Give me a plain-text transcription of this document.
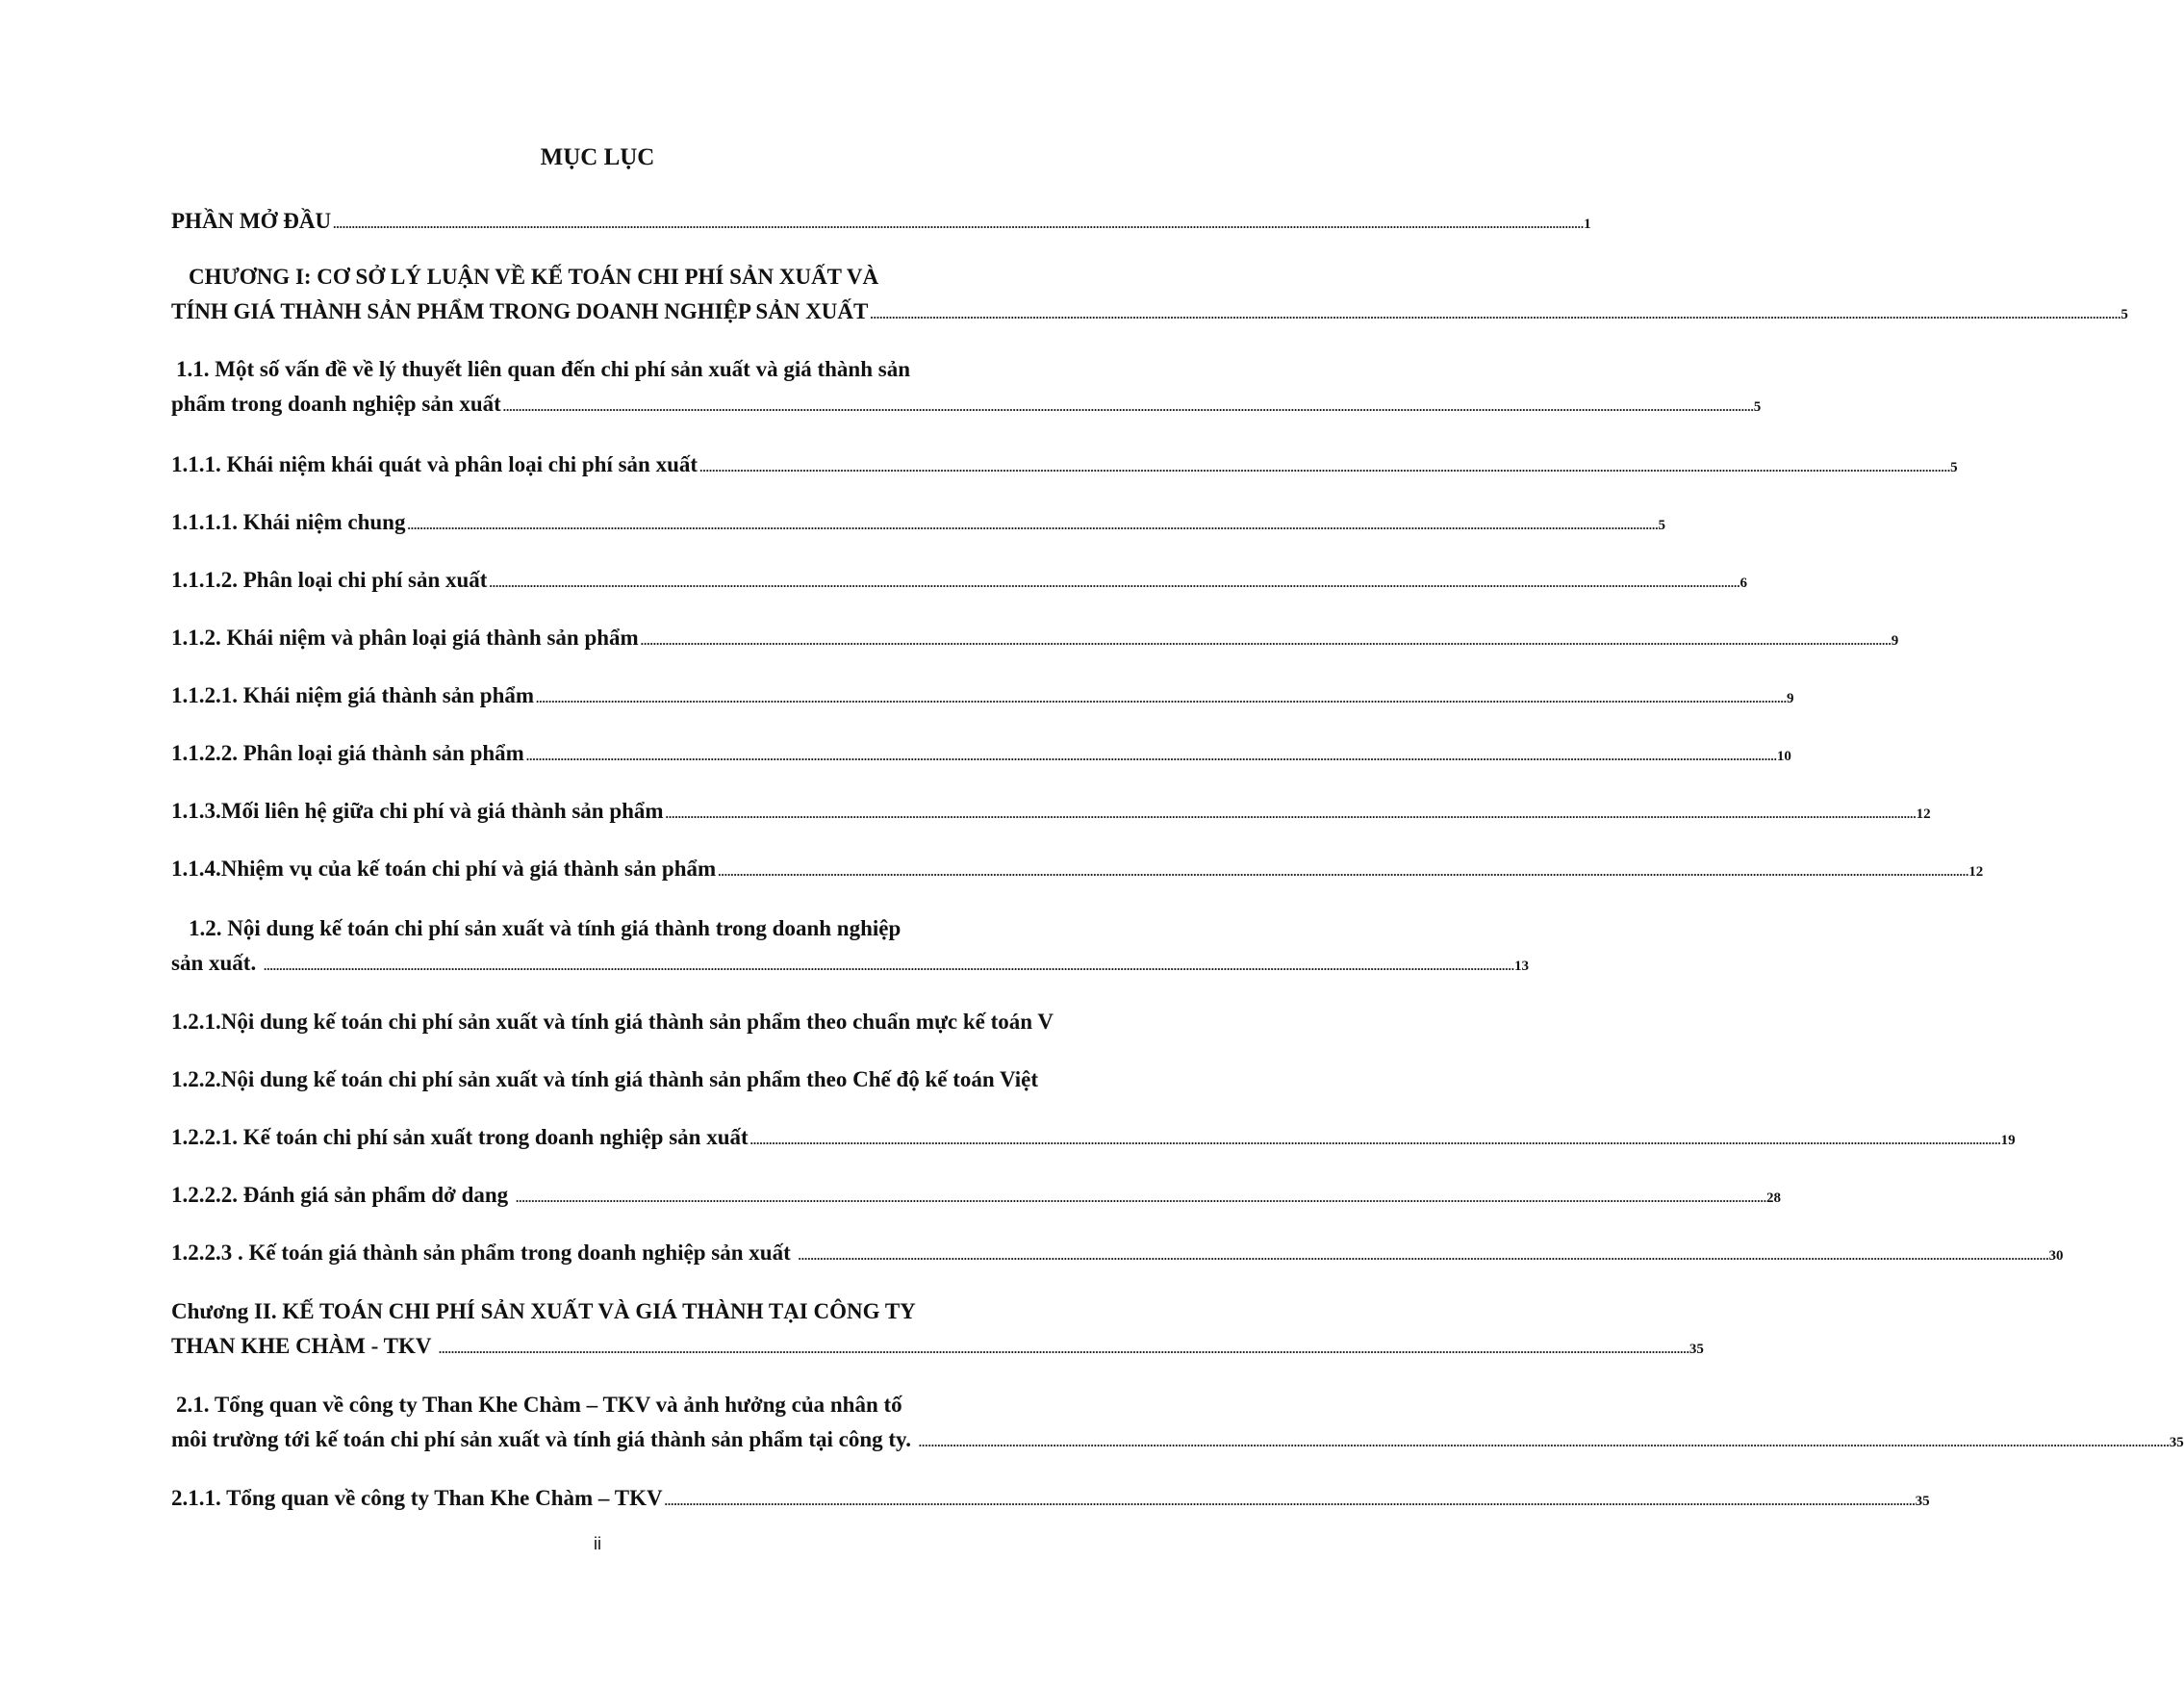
MỤC LỤC
PHẦN MỞ ĐẦU ................................................................................................................................................................................................................................................................................................................................................................................................................ 1
CHƯƠNG I: CƠ SỞ LÝ LUẬN VỀ KẾ TOÁN CHI PHÍ SẢN XUẤT VÀ
TÍNH GIÁ THÀNH SẢN PHẨM TRONG DOANH NGHIỆP SẢN XUẤT ................................................................................................................................................................................................................................................................................................................................................................................................................ 5
1.1. Một số vấn đề về lý thuyết liên quan đến chi phí sản xuất và giá thành sản
phẩm trong doanh nghiệp sản xuất ................................................................................................................................................................................................................................................................................................................................................................................................................ 5
1.1.1. Khái niệm khái quát và phân loại chi phí sản xuất ................................................................................................................................................................................................................................................................................................................................................................................................................ 5
1.1.1.1. Khái niệm chung ................................................................................................................................................................................................................................................................................................................................................................................................................ 5
1.1.1.2. Phân loại chi phí sản xuất ................................................................................................................................................................................................................................................................................................................................................................................................................ 6
1.1.2. Khái niệm và phân loại giá thành sản phẩm ................................................................................................................................................................................................................................................................................................................................................................................................................ 9
1.1.2.1. Khái niệm giá thành sản phẩm ................................................................................................................................................................................................................................................................................................................................................................................................................ 9
1.1.2.2. Phân loại giá thành sản phẩm ................................................................................................................................................................................................................................................................................................................................................................................................................ 10
1.1.3.Mối liên hệ giữa chi phí và giá thành sản phẩm ................................................................................................................................................................................................................................................................................................................................................................................................................ 12
1.1.4.Nhiệm vụ của kế toán chi phí và giá thành sản phẩm ................................................................................................................................................................................................................................................................................................................................................................................................................ 12
1.2. Nội dung kế toán chi phí sản xuất và tính giá thành trong doanh nghiệp
sản xuất. ................................................................................................................................................................................................................................................................................................................................................................................................................ 13
1.2.1.Nội dung kế toán chi phí sản xuất và tính giá thành sản phẩm theo chuẩn mực kế toán V
1.2.2.Nội dung kế toán chi phí sản xuất và tính giá thành sản phẩm theo Chế độ kế toán Việt
1.2.2.1. Kế toán chi phí sản xuất trong doanh nghiệp sản xuất ................................................................................................................................................................................................................................................................................................................................................................................................................ 19
1.2.2.2. Đánh giá sản phẩm dở dang ................................................................................................................................................................................................................................................................................................................................................................................................................ 28
1.2.2.3 . Kế toán giá thành sản phẩm trong doanh nghiệp sản xuất ................................................................................................................................................................................................................................................................................................................................................................................................................ 30
Chương II. KẾ TOÁN CHI PHÍ SẢN XUẤT VÀ GIÁ THÀNH TẠI CÔNG TY
THAN KHE CHÀM - TKV ................................................................................................................................................................................................................................................................................................................................................................................................................ 35
2.1. Tổng quan về công ty Than Khe Chàm – TKV và ảnh hưởng của nhân tố
môi trường tới kế toán chi phí sản xuất và tính giá thành sản phẩm tại công ty. ................................................................................................................................................................................................................................................................................................................................................................................................................ 35
2.1.1. Tổng quan về công ty Than Khe Chàm – TKV ................................................................................................................................................................................................................................................................................................................................................................................................................ 35
ii
